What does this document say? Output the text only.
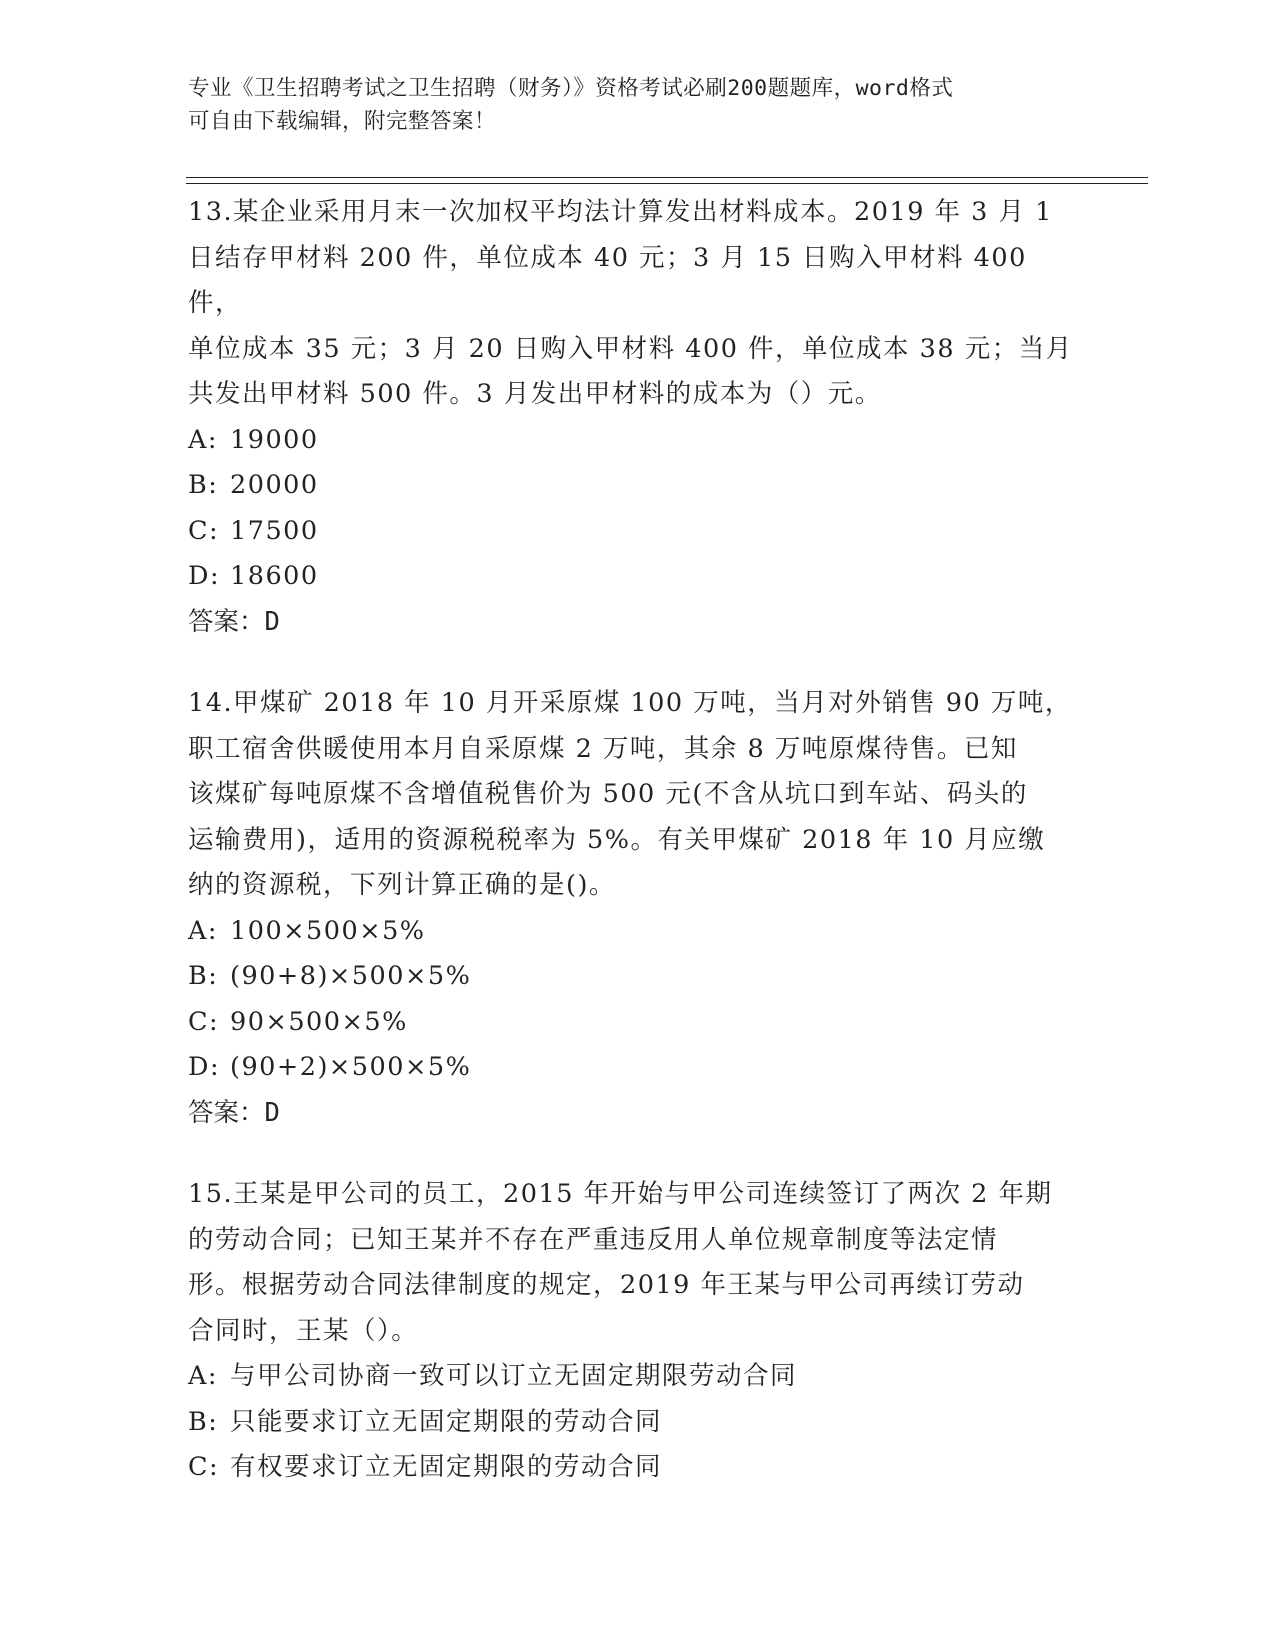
专业《卫生招聘考试之卫生招聘（财务）》资格考试必刷200题题库，word格式
可自由下载编辑，附完整答案！
13.某企业采用月末一次加权平均法计算发出材料成本。2019 年 3 月 1
日结存甲材料 200 件，单位成本 40 元；3 月 15 日购入甲材料 400 件，
单位成本 35 元；3 月 20 日购入甲材料 400 件，单位成本 38 元；当月
共发出甲材料 500 件。3 月发出甲材料的成本为（）元。
A: 19000
B: 20000
C: 17500
D: 18600
答案：D
14.甲煤矿 2018 年 10 月开采原煤 100 万吨，当月对外销售 90 万吨，
职工宿舍供暖使用本月自采原煤 2 万吨，其余 8 万吨原煤待售。已知
该煤矿每吨原煤不含增值税售价为 500 元(不含从坑口到车站、码头的
运输费用)，适用的资源税税率为 5%。有关甲煤矿 2018 年 10 月应缴
纳的资源税，下列计算正确的是()。
A: 100×500×5%
B: (90+8)×500×5%
C: 90×500×5%
D: (90+2)×500×5%
答案：D
15.王某是甲公司的员工，2015 年开始与甲公司连续签订了两次 2 年期
的劳动合同；已知王某并不存在严重违反用人单位规章制度等法定情
形。根据劳动合同法律制度的规定，2019 年王某与甲公司再续订劳动
合同时，王某（）。
A: 与甲公司协商一致可以订立无固定期限劳动合同
B: 只能要求订立无固定期限的劳动合同
C: 有权要求订立无固定期限的劳动合同
